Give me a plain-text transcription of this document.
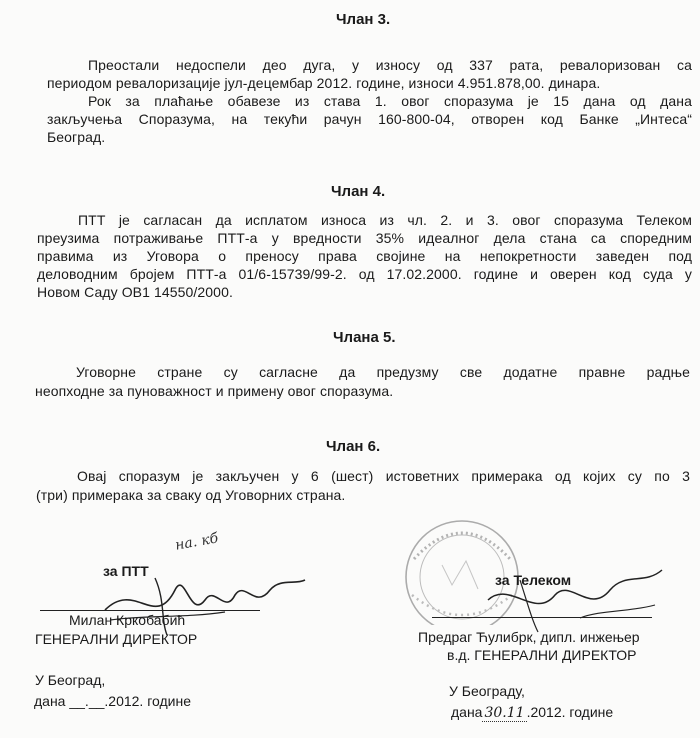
Члан 3.
Преостали недоспели део дуга, у износу од 337 рата, ревалоризован са
периодом ревалоризације јул-децембар 2012. године, износи 4.951.878,00. динара.
Рок за плаћање обавезе из става 1. овог споразума је 15 дана од дана
закључења Споразума, на текући рачун 160-800-04, отворен код Банке „Интеса“
Београд.
Члан 4.
ПТТ је сагласан да исплатом износа из чл. 2. и 3. овог споразума Телеком
преузима потраживање ПТТ-а у вредности 35% идеалног дела стана са споредним
правима из Уговора о преносу права својине на непокретности заведен под
деловодним бројем ПТТ-а 01/6-15739/99-2. од 17.02.2000. године и оверен код суда у
Новом Саду ОВ1 14550/2000.
Члана 5.
Уговорне стране су сагласне да предузму све додатне правне радње
неопходне за пуноважност и примену овог споразума.
Члан 6.
Овај споразум је закључен у 6 (шест) истоветних примерака од којих су по 3
(три) примерака за сваку од Уговорних страна.
за ПТТ
на. кб
Милан Кркобабић
ГЕНЕРАЛНИ ДИРЕКТОР
У Београд,
дана __.__.2012. године
за Телеком
Предраг Ћулибрк, дипл. инжењер
в.д. ГЕНЕРАЛНИ ДИРЕКТОР
У Београду,
дана 30.11 .2012. године
